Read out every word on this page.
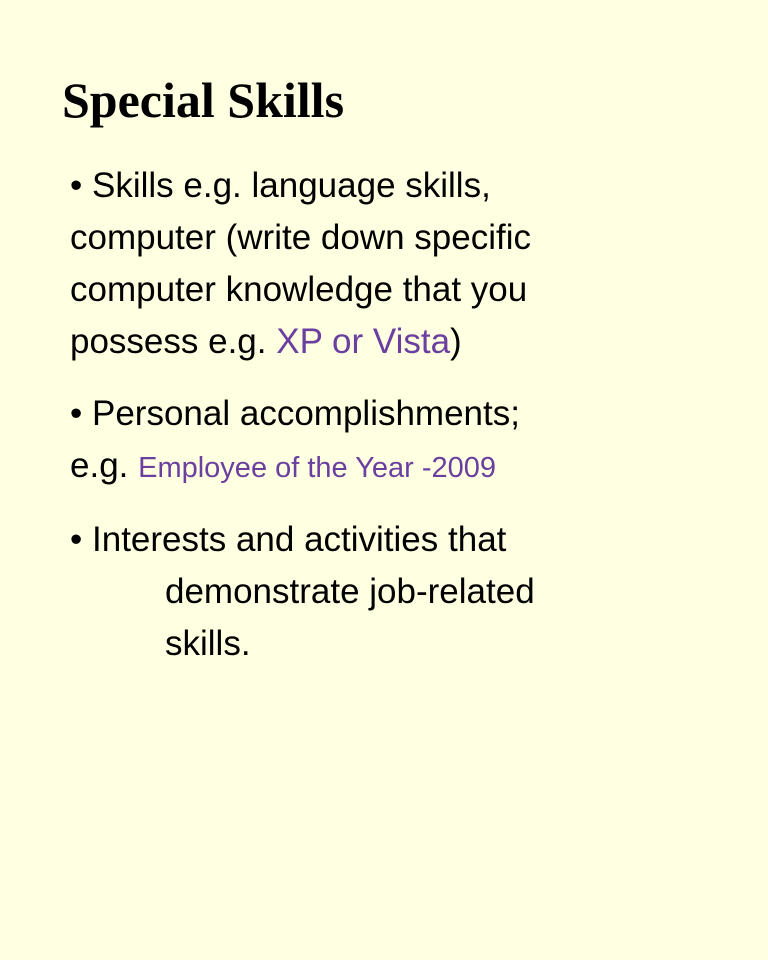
Special Skills
• Skills e.g. language skills,
computer (write down specific
computer knowledge that you
possess e.g. XP or Vista)
• Personal accomplishments;
e.g. Employee of the Year -2009
• Interests and activities that
demonstrate job-related
skills.
